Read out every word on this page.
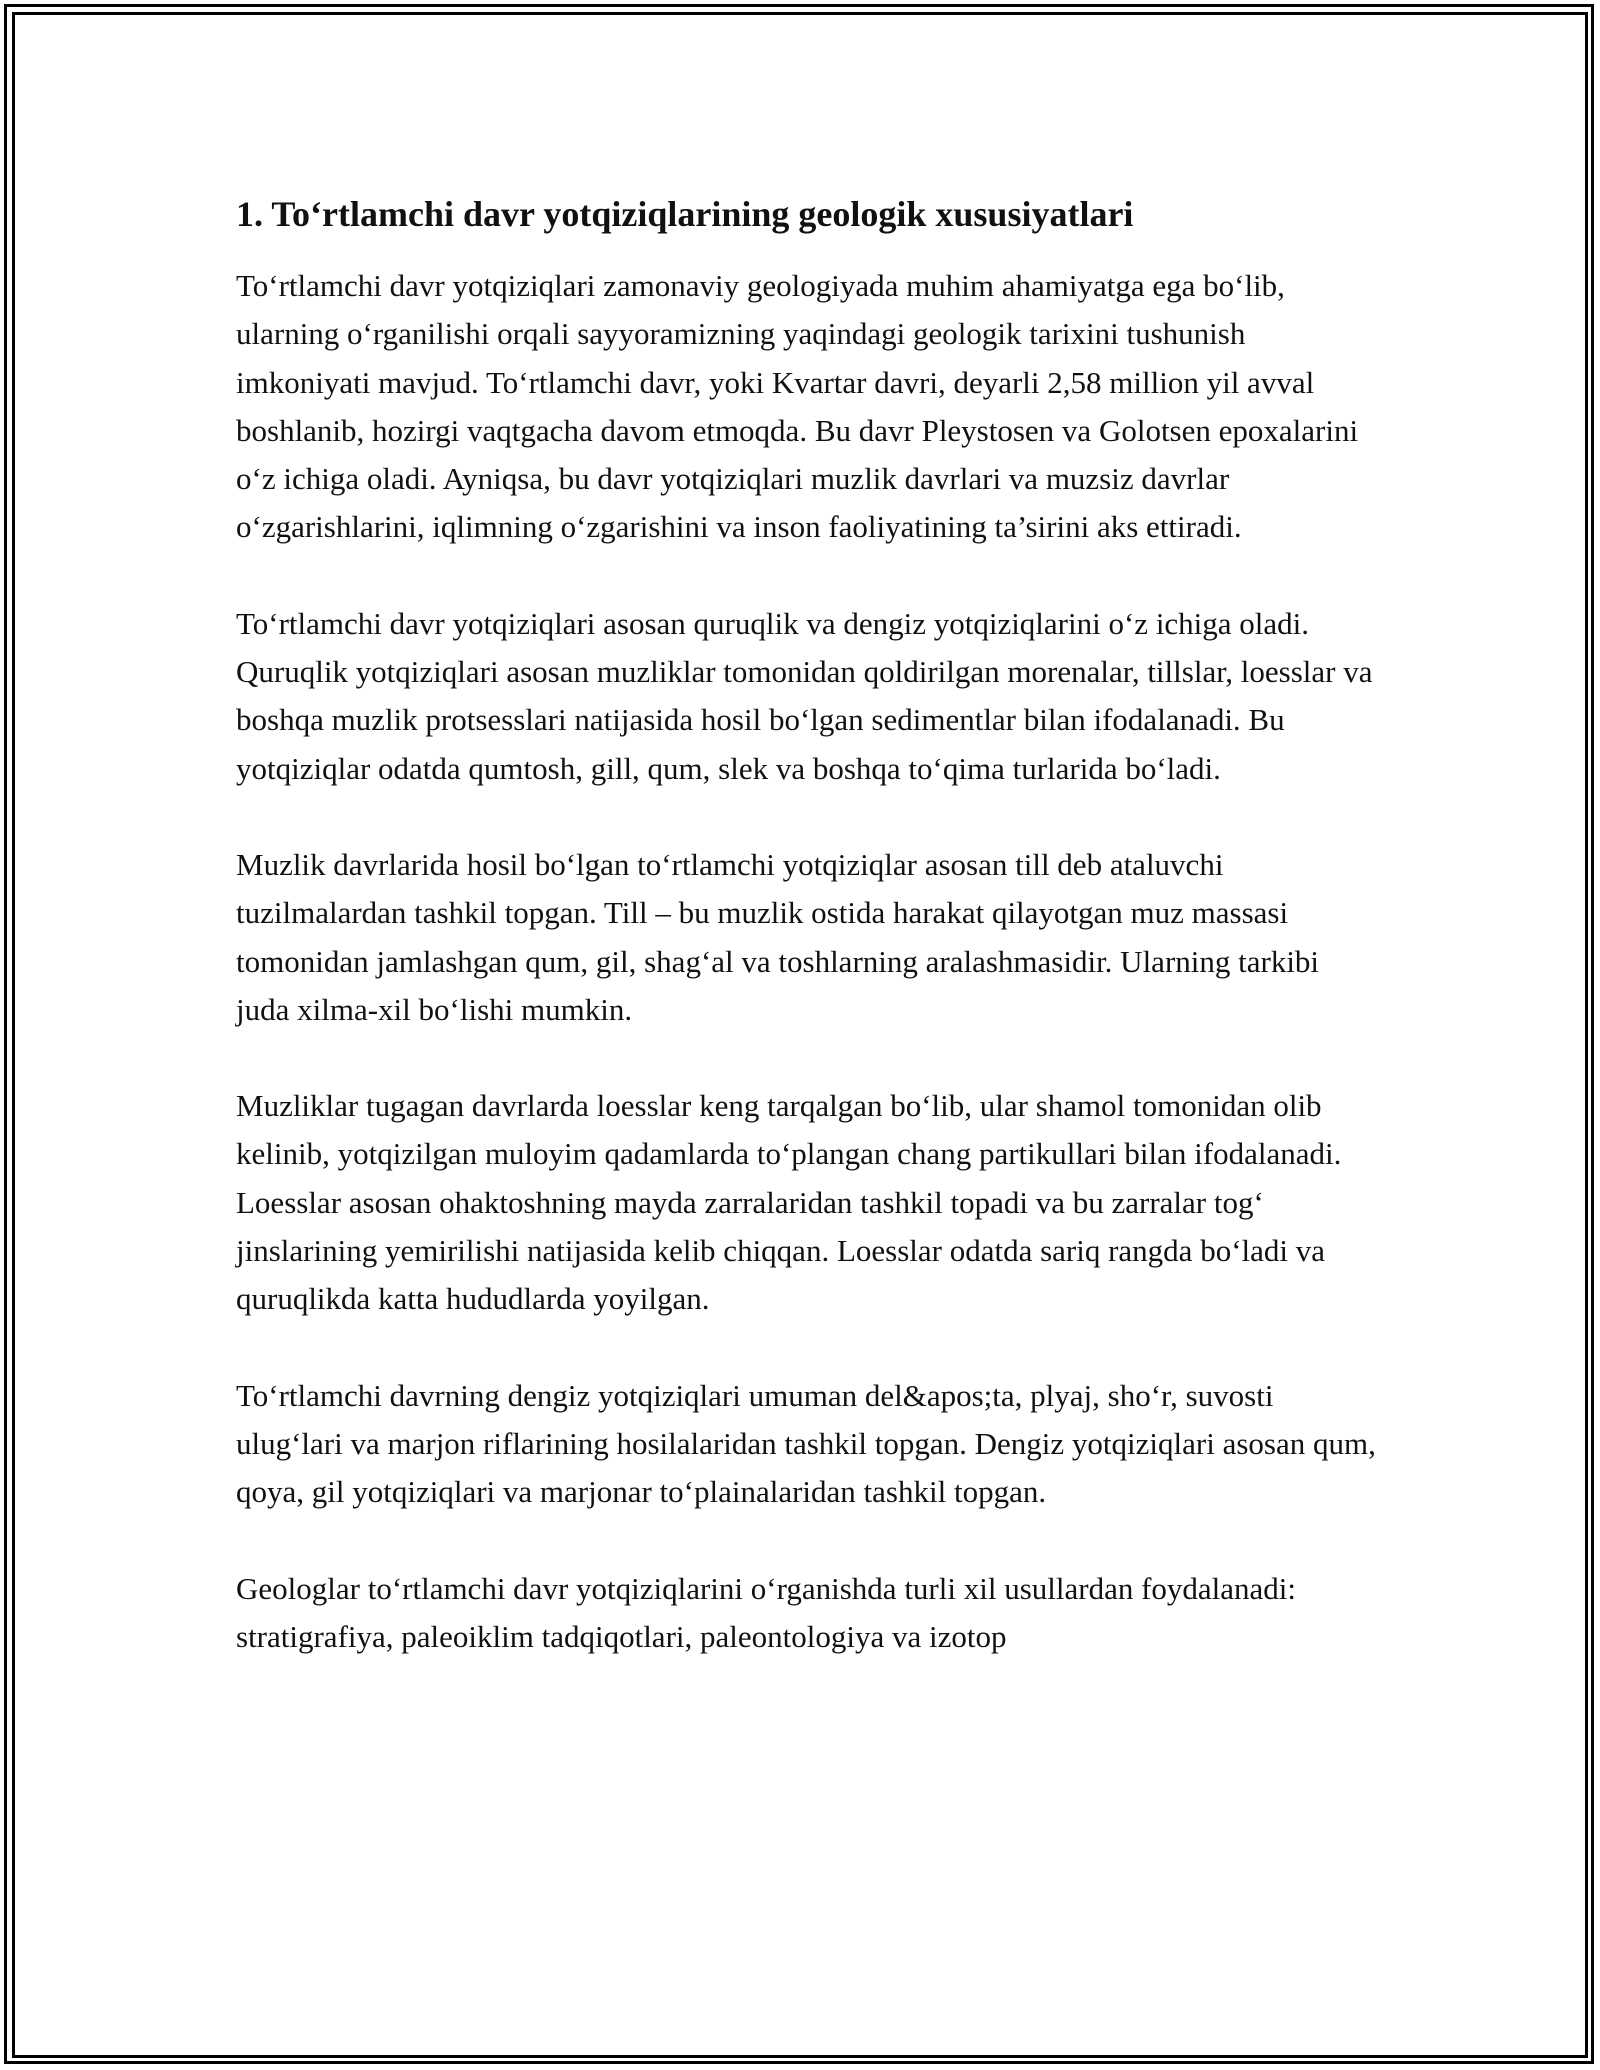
1. To‘rtlamchi davr yotqiziqlarining geologik xususiyatlari

To‘rtlamchi davr yotqiziqlari zamonaviy geologiyada muhim ahamiyatga ega bo‘lib, ularning o‘rganilishi orqali sayyoramizning yaqindagi geologik tarixini tushunish imkoniyati mavjud. To‘rtlamchi davr, yoki Kvartar davri, deyarli 2,58 million yil avval boshlanib, hozirgi vaqtgacha davom etmoqda. Bu davr Pleystosen va Golotsen epoxalarini o‘z ichiga oladi. Ayniqsa, bu davr yotqiziqlari muzlik davrlari va muzsiz davrlar o‘zgarishlarini, iqlimning o‘zgarishini va inson faoliyatining ta’sirini aks ettiradi.

To‘rtlamchi davr yotqiziqlari asosan quruqlik va dengiz yotqiziqlarini o‘z ichiga oladi. Quruqlik yotqiziqlari asosan muzliklar tomonidan qoldirilgan morenalar, tillslar, loesslar va boshqa muzlik protsesslari natijasida hosil bo‘lgan sedimentlar bilan ifodalanadi. Bu yotqiziqlar odatda qumtosh, gill, qum, slek va boshqa to‘qima turlarida bo‘ladi.

Muzlik davrlarida hosil bo‘lgan to‘rtlamchi yotqiziqlar asosan till deb ataluvchi tuzilmalardan tashkil topgan. Till – bu muzlik ostida harakat qilayotgan muz massasi tomonidan jamlashgan qum, gil, shag‘al va toshlarning aralashmasidir. Ularning tarkibi juda xilma-xil bo‘lishi mumkin.

Muzliklar tugagan davrlarda loesslar keng tarqalgan bo‘lib, ular shamol tomonidan olib kelinib, yotqizilgan muloyim qadamlarda to‘plangan chang partikullari bilan ifodalanadi. Loesslar asosan ohaktoshning mayda zarralaridan tashkil topadi va bu zarralar tog‘ jinslarining yemirilishi natijasida kelib chiqqan. Loesslar odatda sariq rangda bo‘ladi va quruqlikda katta hududlarda yoyilgan.

To‘rtlamchi davrning dengiz yotqiziqlari umuman del&apos;ta, plyaj, sho‘r, suvosti ulug‘lari va marjon riflarining hosilalaridan tashkil topgan. Dengiz yotqiziqlari asosan qum, qoya, gil yotqiziqlari va marjonar to‘plainalaridan tashkil topgan.

Geologlar to‘rtlamchi davr yotqiziqlarini o‘rganishda turli xil usullardan foydalanadi: stratigrafiya, paleoiklim tadqiqotlari, paleontologiya va izotop
